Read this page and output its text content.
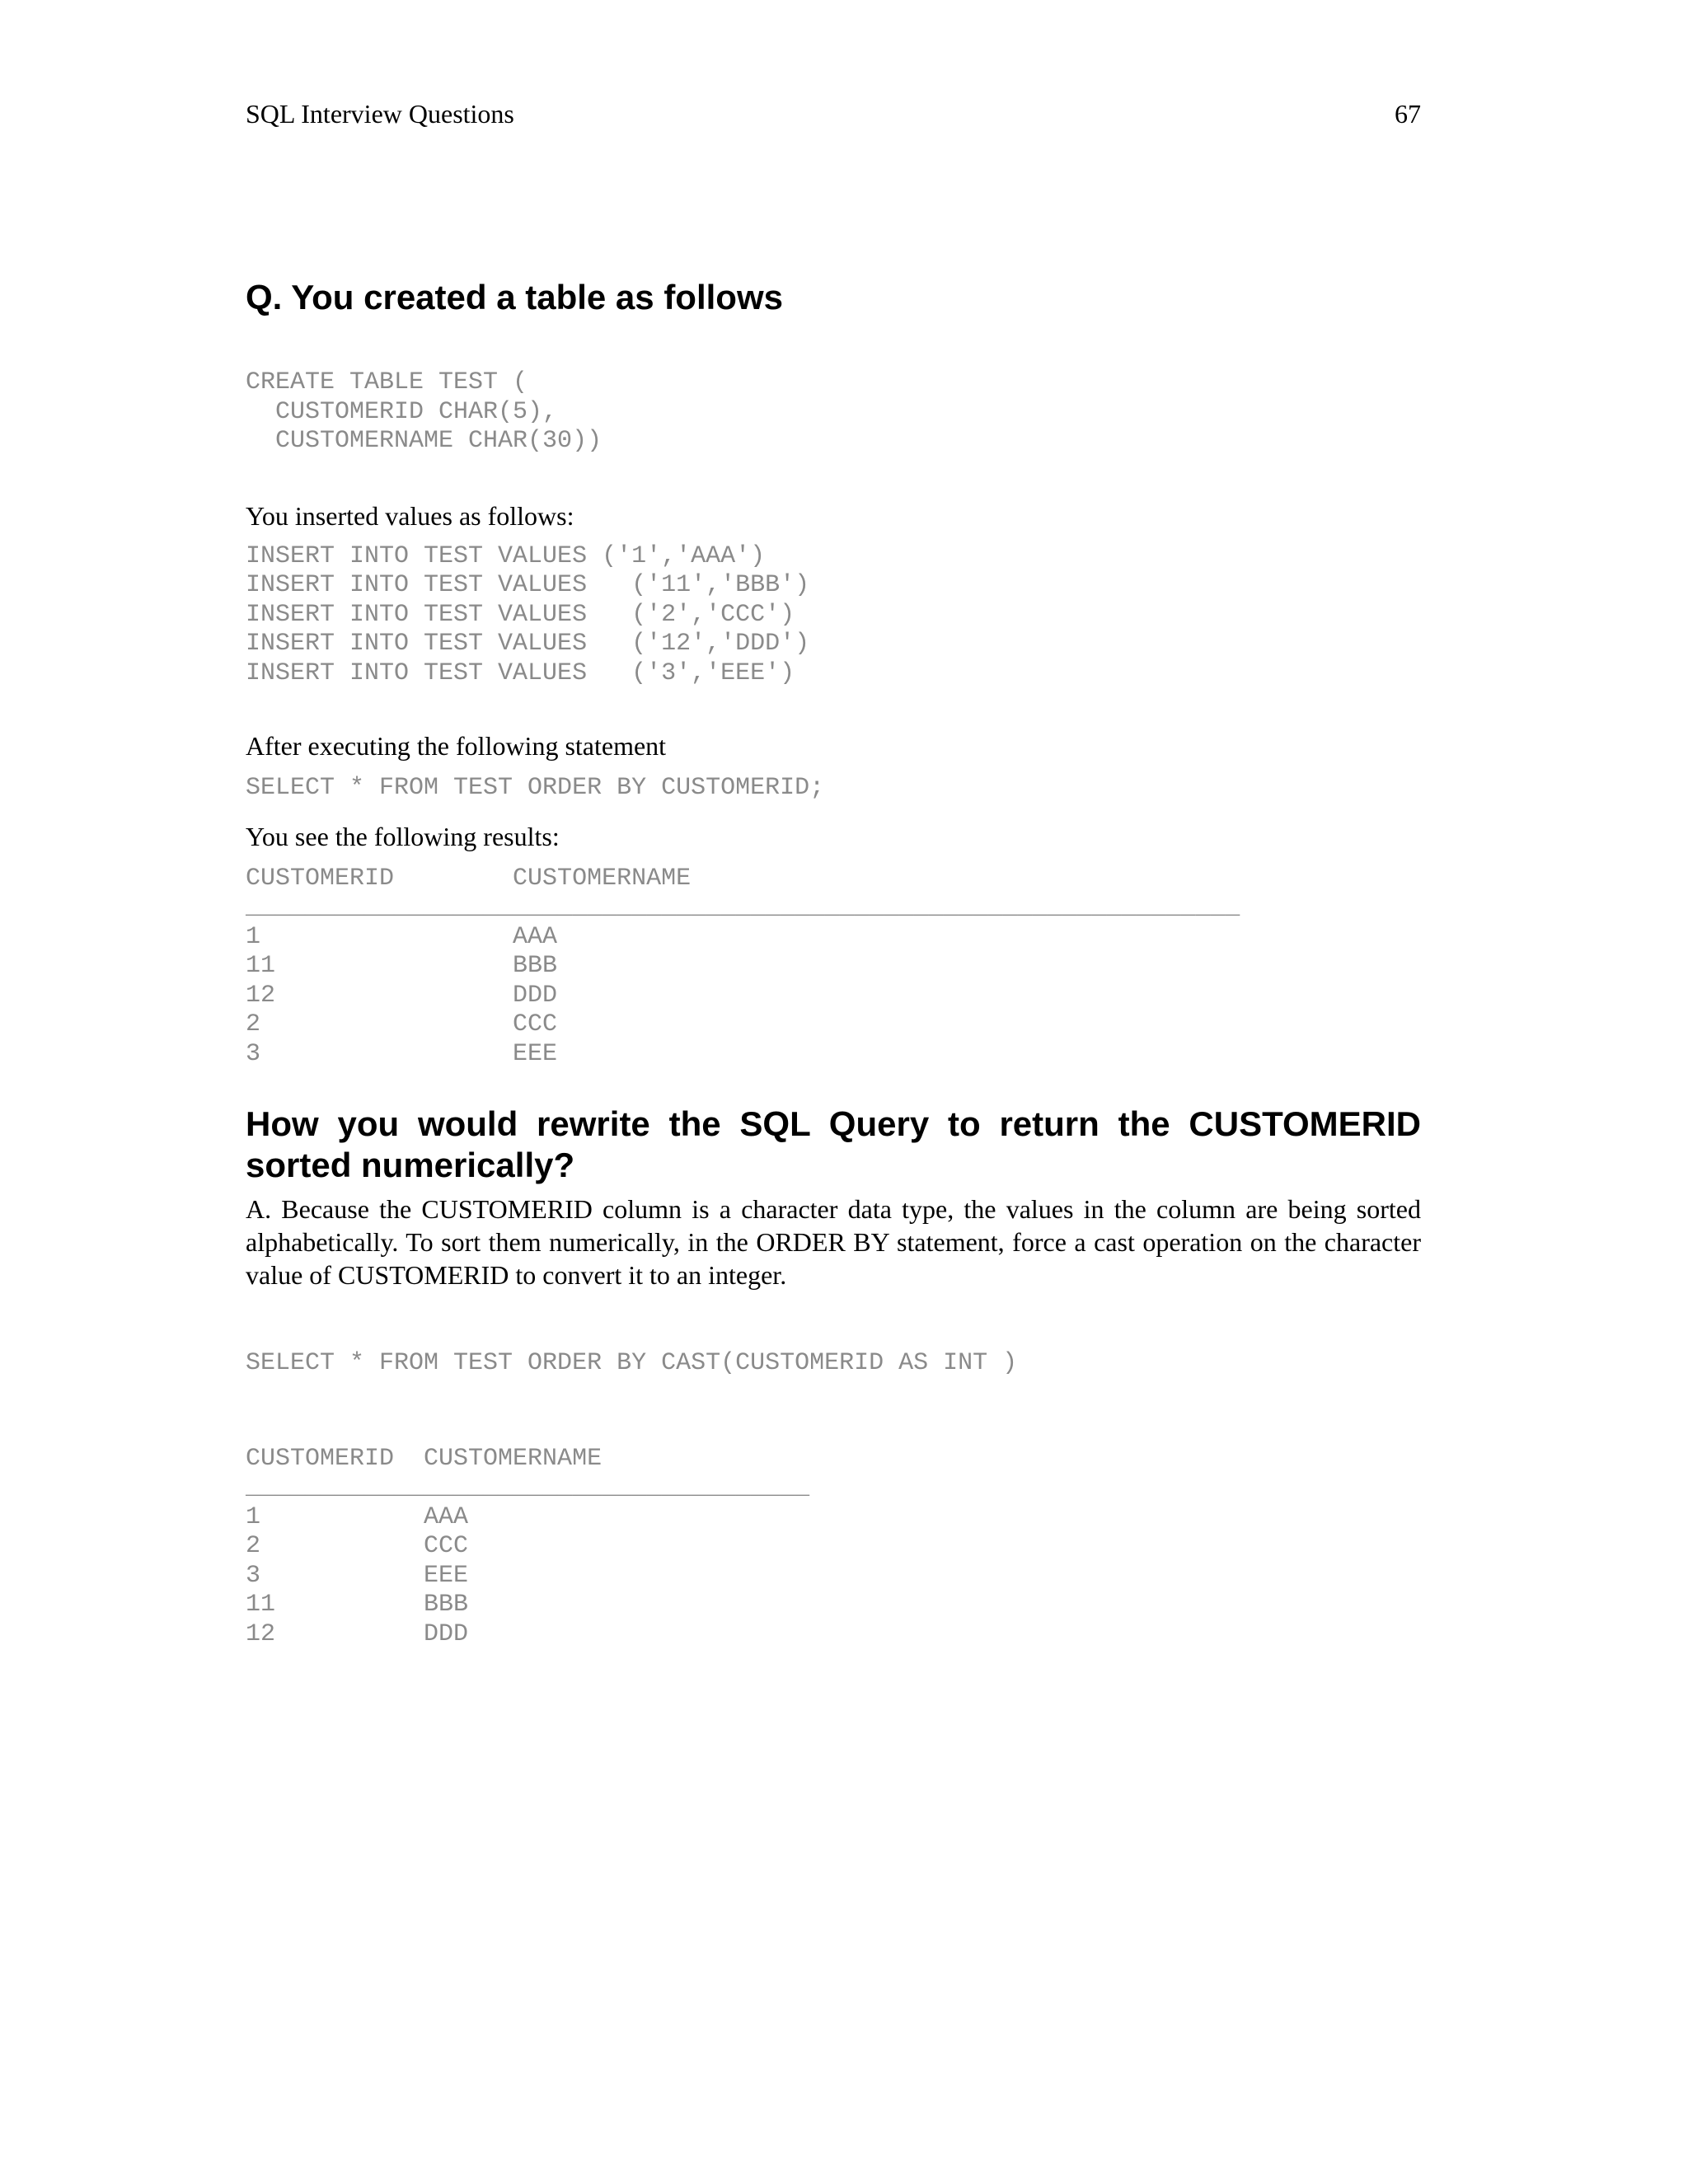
SQL Interview Questions	67
Q. You created a table as follows
CREATE TABLE TEST (
CUSTOMERID CHAR(5),
CUSTOMERNAME CHAR(30))

You inserted values as follows:

INSERT INTO TEST VALUES ('1','AAA')
INSERT INTO TEST VALUES   ('11','BBB')
INSERT INTO TEST VALUES   ('2','CCC')
INSERT INTO TEST VALUES   ('12','DDD')
INSERT INTO TEST VALUES   ('3','EEE')

After executing the following statement

SELECT * FROM TEST ORDER BY CUSTOMERID;

You see the following results:

CUSTOMERID        CUSTOMERNAME
___________________________________________________________________
1                 AAA
11                BBB
12                DDD
2                 CCC
3                 EEE
How you would rewrite the SQL Query to return the CUSTOMERID sorted numerically?

A. Because the CUSTOMERID column is a character data type, the values in the column are being sorted alphabetically. To sort them numerically, in the ORDER BY statement, force a cast operation on the character value of CUSTOMERID to convert it to an integer.

SELECT * FROM TEST ORDER BY CAST(CUSTOMERID AS INT )
CUSTOMERID  CUSTOMERNAME
______________________________________
1           AAA
2           CCC
3           EEE
11          BBB
12          DDD
